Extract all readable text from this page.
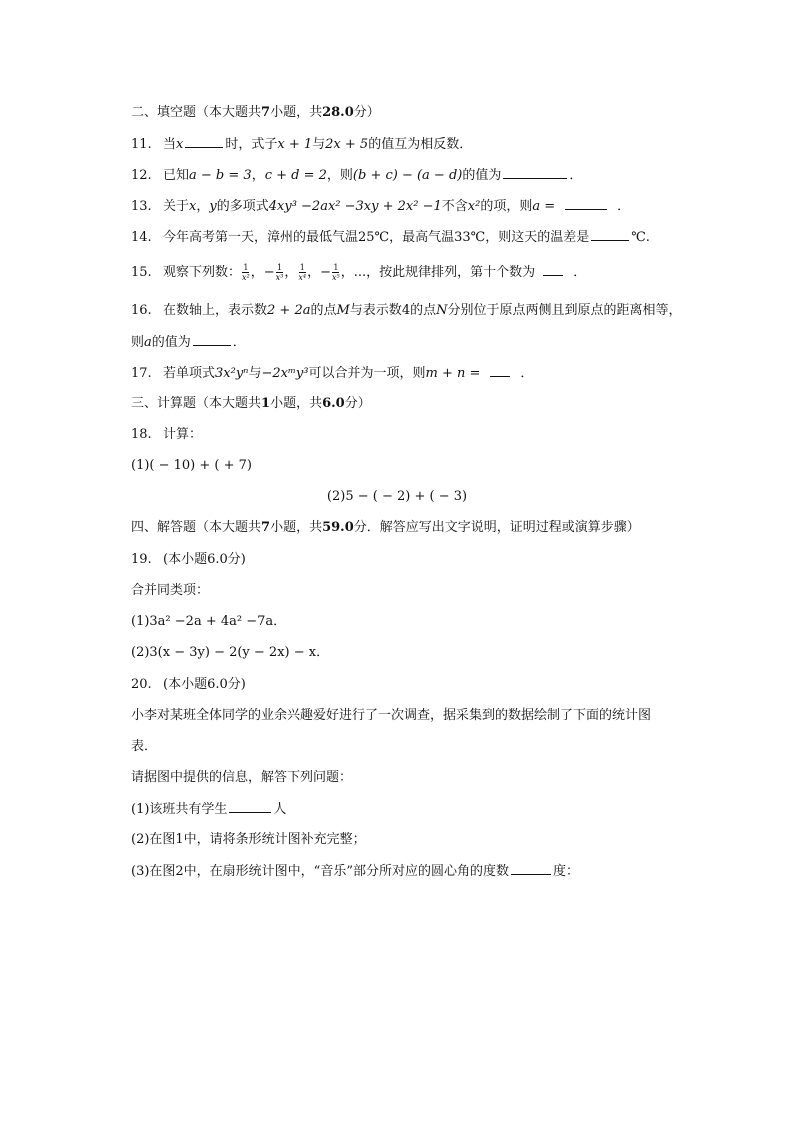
二、填空题（本大题共7小题，共28.0分）
11. 当x	时，式子x + 1与2x + 5的值互为相反数．
12. 已知a − b = 3，c + d = 2，则(b + c) − (a − d)的值为	．
13. 关于x，y的多项式4xy³ −2ax² −3xy + 2x² −1不含x²的项，则a =	．
14. 今年高考第一天，漳州的最低气温25℃，最高气温33℃，则这天的温差是	℃.
15. 观察下列数： $\frac{1}{\text{x²}}$ ，− $\frac{1}{\text{x³}}$ ， $\frac{1}{\text{x⁴}}$ ，− $\frac{1}{\text{x⁵}}$ ，...，按此规律排列，第十个数为	．
16. 在数轴上，表示数2 + 2a的点M与表示数4的点N分别位于原点两侧且到原点的距离相等，
则a的值为	．
17. 若单项式3x²yⁿ与−2xᵐy³可以合并为一项，则m + n =	．
三、计算题（本大题共1小题，共6.0分）
18. 计算：
(1)( − 10) + ( + 7)
(2)5 − ( − 2) + ( − 3)
四、解答题（本大题共7小题，共59.0分．解答应写出文字说明，证明过程或演算步骤）
19. (本小题6.0分)
合并同类项：
(1)3a² −2a + 4a² −7a．
(2)3(x − 3y) − 2(y − 2x) − x．
20. (本小题6.0分)
小李对某班全体同学的业余兴趣爱好进行了一次调查，据采集到的数据绘制了下面的统计图
表．
请据图中提供的信息，解答下列问题：
(1)该班共有学生	人
(2)在图1中，请将条形统计图补充完整；
(3)在图2中，在扇形统计图中，“音乐”部分所对应的圆心角的度数	度：
